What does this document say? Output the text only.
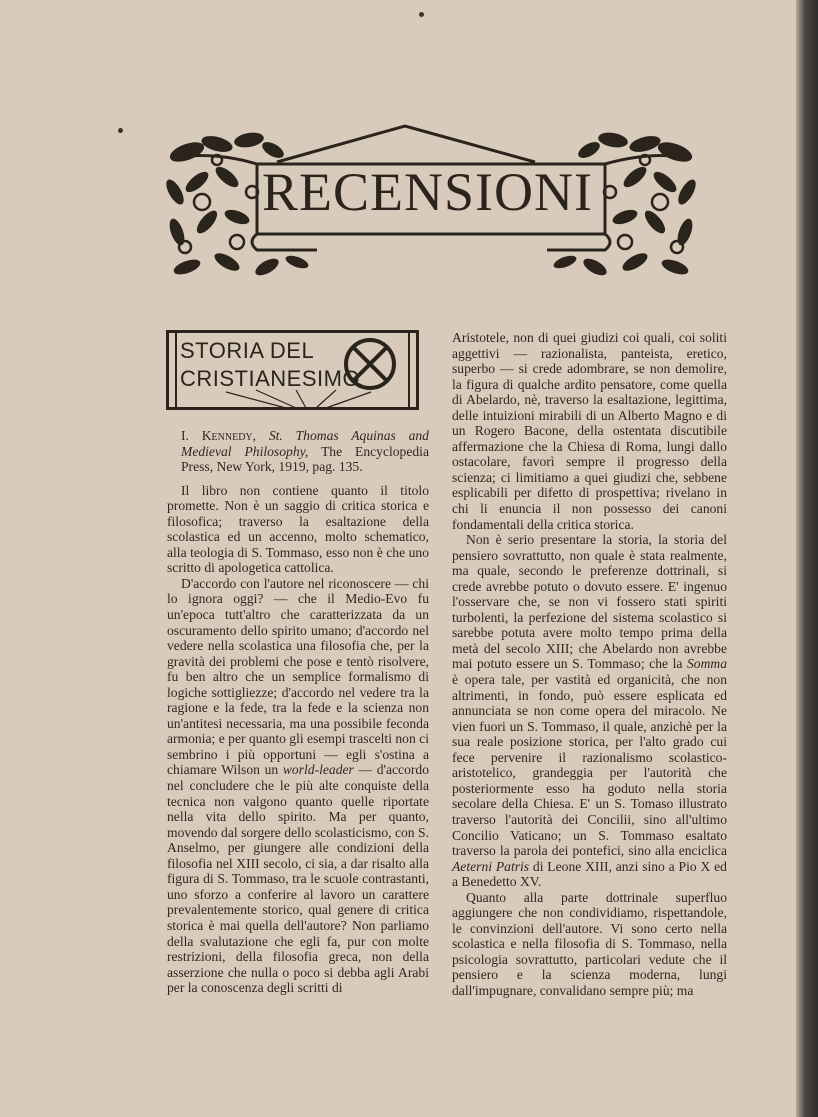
RECENSIONI
STORIA DEL
CRISTIANESIMO

I. Kennedy, St. Thomas Aquinas and Medieval Philosophy, The Encyclopedia Press, New York, 1919, pag. 135.

Il libro non contiene quanto il titolo promette. Non è un saggio di critica storica e filosofica; traverso la esaltazione della scolastica ed un accenno, molto schematico, alla teologia di S. Tommaso, esso non è che uno scritto di apologetica cattolica.

D'accordo con l'autore nel riconoscere — chi lo ignora oggi? — che il Medio-Evo fu un'epoca tutt'altro che caratterizzata da un oscuramento dello spirito umano; d'accordo nel vedere nella scolastica una filosofia che, per la gravità dei problemi che pose e tentò risolvere, fu ben altro che un semplice formalismo di logiche sottigliezze; d'accordo nel vedere tra la ragione e la fede, tra la fede e la scienza non un'antitesi necessaria, ma una possibile feconda armonia; e per quanto gli esempi trascelti non ci sembrino i più opportuni — egli s'ostina a chiamare Wilson un world-leader — d'accordo nel concludere che le più alte conquiste della tecnica non valgono quanto quelle riportate nella vita dello spirito. Ma per quanto, movendo dal sorgere dello scolasticismo, con S. Anselmo, per giungere alle condizioni della filosofia nel XIII secolo, ci sia, a dar risalto alla figura di S. Tommaso, tra le scuole contrastanti, uno sforzo a conferire al lavoro un carattere prevalentemente storico, qual genere di critica storica è mai quella dell'autore? Non parliamo della svalutazione che egli fa, pur con molte restrizioni, della filosofia greca, non della asserzione che nulla o poco si debba agli Arabi per la conoscenza degli scritti di

Aristotele, non di quei giudizi coi quali, coi soliti aggettivi — razionalista, panteista, eretico, superbo — si crede adombrare, se non demolire, la figura di qualche ardito pensatore, come quella di Abelardo, nè, traverso la esaltazione, legittima, delle intuizioni mirabili di un Alberto Magno e di un Rogero Bacone, della ostentata discutibile affermazione che la Chiesa di Roma, lungi dallo ostacolare, favorì sempre il progresso della scienza; ci limitiamo a quei giudizi che, sebbene esplicabili per difetto di prospettiva; rivelano in chi li enuncia il non possesso dei canoni fondamentali della critica storica.

Non è serio presentare la storia, la storia del pensiero sovrattutto, non quale è stata realmente, ma quale, secondo le preferenze dottrinali, si crede avrebbe potuto o dovuto essere. E' ingenuo l'osservare che, se non vi fossero stati spiriti turbolenti, la perfezione del sistema scolastico si sarebbe potuta avere molto tempo prima della metà del secolo XIII; che Abelardo non avrebbe mai potuto essere un S. Tommaso; che la Somma è opera tale, per vastità ed organicità, che non altrimenti, in fondo, può essere esplicata ed annunciata se non come opera del miracolo. Ne vien fuori un S. Tommaso, il quale, anzichè per la sua reale posizione storica, per l'alto grado cui fece pervenire il razionalismo scolastico-aristotelico, grandeggia per l'autorità che posteriormente esso ha goduto nella storia secolare della Chiesa. E' un S. Tomaso illustrato traverso l'autorità dei Concilii, sino all'ultimo Concilio Vaticano; un S. Tommaso esaltato traverso la parola dei pontefici, sino alla enciclica Aeterni Patris di Leone XIII, anzi sino a Pio X ed a Benedetto XV.

Quanto alla parte dottrinale superfluo aggiungere che non condividiamo, rispettandole, le convinzioni dell'autore. Vi sono certo nella scolastica e nella filosofia di S. Tommaso, nella psicologia sovrattutto, particolari vedute che il pensiero e la scienza moderna, lungi dall'impugnare, convalidano sempre più; ma
